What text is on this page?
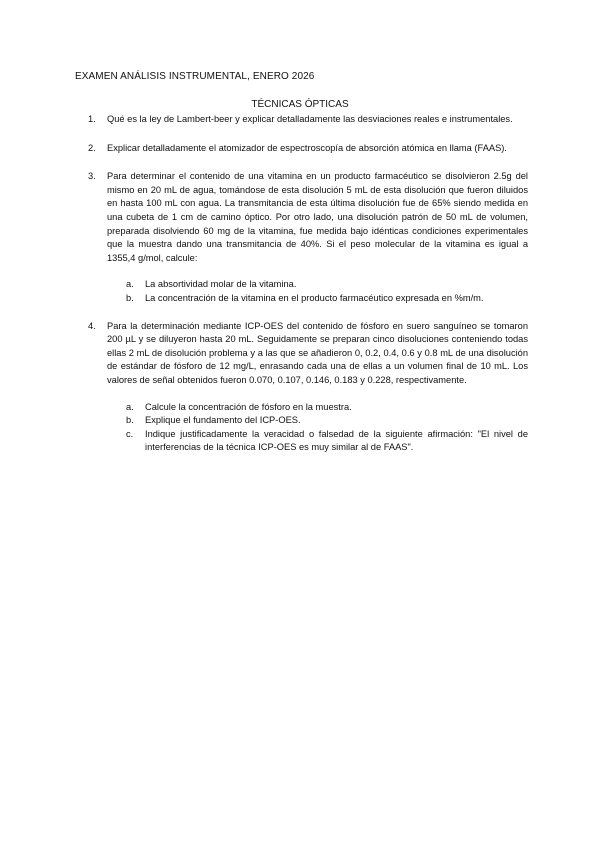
EXAMEN ANÁLISIS INSTRUMENTAL, ENERO 2026
TÉCNICAS ÓPTICAS
1. Qué es la ley de Lambert-beer y explicar detalladamente las desviaciones reales e instrumentales.
2. Explicar detalladamente el atomizador de espectroscopía de absorción atómica en llama (FAAS).
3. Para determinar el contenido de una vitamina en un producto farmacéutico se disolvieron 2.5g del mismo en 20 mL de agua, tomándose de esta disolución 5 mL de esta disolución que fueron diluidos en hasta 100 mL con agua. La transmitancia de esta última disolución fue de 65% siendo medida en una cubeta de 1 cm de camino óptico. Por otro lado, una disolución patrón de 50 mL de volumen, preparada disolviendo 60 mg de la vitamina, fue medida bajo idénticas condiciones experimentales que la muestra dando una transmitancia de 40%. Si el peso molecular de la vitamina es igual a 1355,4 g/mol, calcule:
a. La absortividad molar de la vitamina.
b. La concentración de la vitamina en el producto farmacéutico expresada en %m/m.
4. Para la determinación mediante ICP-OES del contenido de fósforo en suero sanguíneo se tomaron 200 µL y se diluyeron hasta 20 mL. Seguidamente se preparan cinco disoluciones conteniendo todas ellas 2 mL de disolución problema y a las que se añadieron 0, 0.2, 0.4, 0.6 y 0.8 mL de una disolución de estándar de fósforo de 12 mg/L, enrasando cada una de ellas a un volumen final de 10 mL. Los valores de señal obtenidos fueron 0.070, 0.107, 0.146, 0.183 y 0.228, respectivamente.
a. Calcule la concentración de fósforo en la muestra.
b. Explique el fundamento del ICP-OES.
c. Indique justificadamente la veracidad o falsedad de la siguiente afirmación: "El nivel de interferencias de la técnica ICP-OES es muy similar al de FAAS".
